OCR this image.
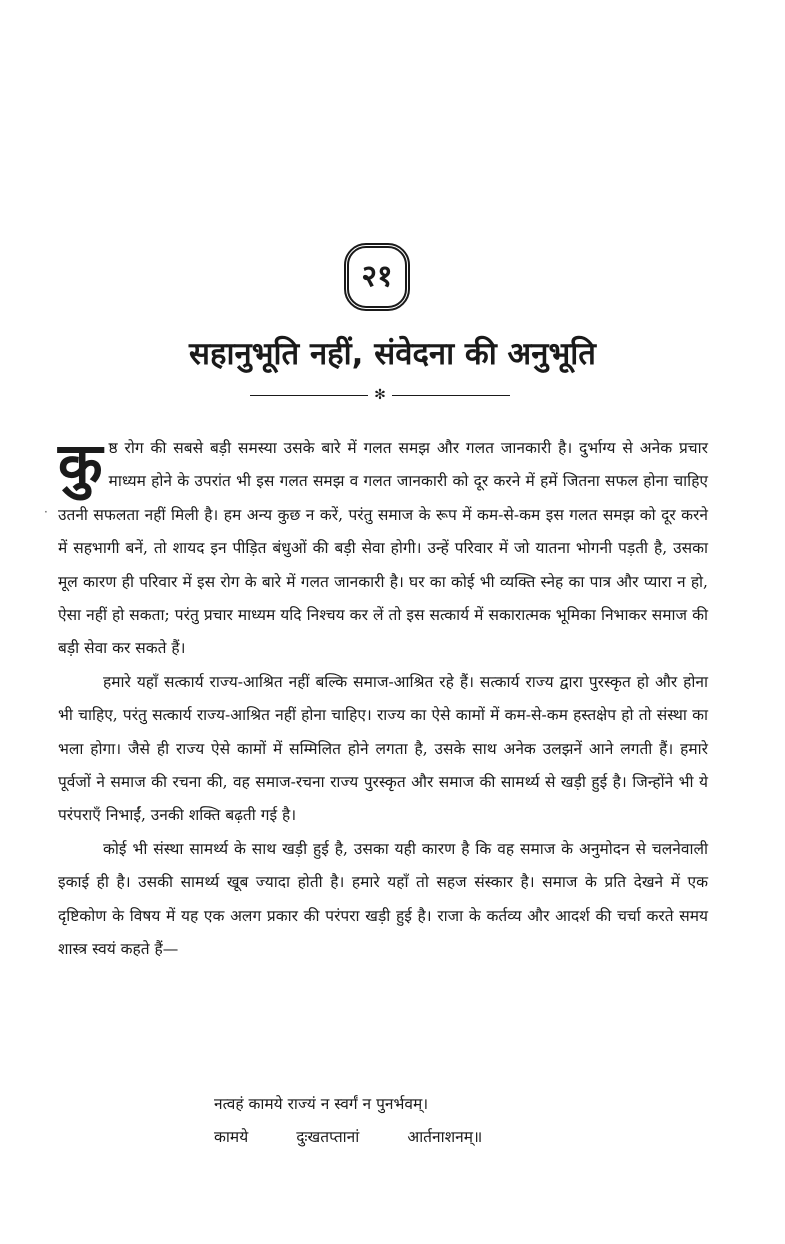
·
२१
सहानुभूति नहीं, संवेदना की अनुभूति
✻

कुष्ठ रोग की सबसे बड़ी समस्या उसके बारे में गलत समझ और गलत जानकारी है। दुर्भाग्य से अनेक प्रचार माध्यम होने के उपरांत भी इस गलत समझ व गलत जानकारी को दूर करने में हमें जितना सफल होना चाहिए उतनी सफलता नहीं मिली है। हम अन्य कुछ न करें, परंतु समाज के रूप में कम-से-कम इस गलत समझ को दूर करने में सहभागी बनें, तो शायद इन पीड़ित बंधुओं की बड़ी सेवा होगी। उन्हें परिवार में जो यातना भोगनी पड़ती है, उसका मूल कारण ही परिवार में इस रोग के बारे में गलत जानकारी है। घर का कोई भी व्यक्ति स्नेह का पात्र और प्यारा न हो, ऐसा नहीं हो सकता; परंतु प्रचार माध्यम यदि निश्चय कर लें तो इस सत्कार्य में सकारात्मक भूमिका निभाकर समाज की बड़ी सेवा कर सकते हैं।

हमारे यहाँ सत्कार्य राज्य-आश्रित नहीं बल्कि समाज-आश्रित रहे हैं। सत्कार्य राज्य द्वारा पुरस्कृत हो और होना भी चाहिए, परंतु सत्कार्य राज्य-आश्रित नहीं होना चाहिए। राज्य का ऐसे कामों में कम-से-कम हस्तक्षेप हो तो संस्था का भला होगा। जैसे ही राज्य ऐसे कामों में सम्मिलित होने लगता है, उसके साथ अनेक उलझनें आने लगती हैं। हमारे पूर्वजों ने समाज की रचना की, वह समाज-रचना राज्य पुरस्कृत और समाज की सामर्थ्य से खड़ी हुई है। जिन्होंने भी ये परंपराएँ निभाईं, उनकी शक्ति बढ़ती गई है।

कोई भी संस्था सामर्थ्य के साथ खड़ी हुई है, उसका यही कारण है कि वह समाज के अनुमोदन से चलनेवाली इकाई ही है। उसकी सामर्थ्य खूब ज्यादा होती है। हमारे यहाँ तो सहज संस्कार है। समाज के प्रति देखने में एक दृष्टिकोण के विषय में यह एक अलग प्रकार की परंपरा खड़ी हुई है। राजा के कर्तव्य और आदर्श की चर्चा करते समय शास्त्र स्वयं कहते हैं—

नत्वहं कामये राज्यं न स्वर्गं न पुनर्भवम्।
कामये	दुःखतप्तानां	आर्तनाशनम्॥
